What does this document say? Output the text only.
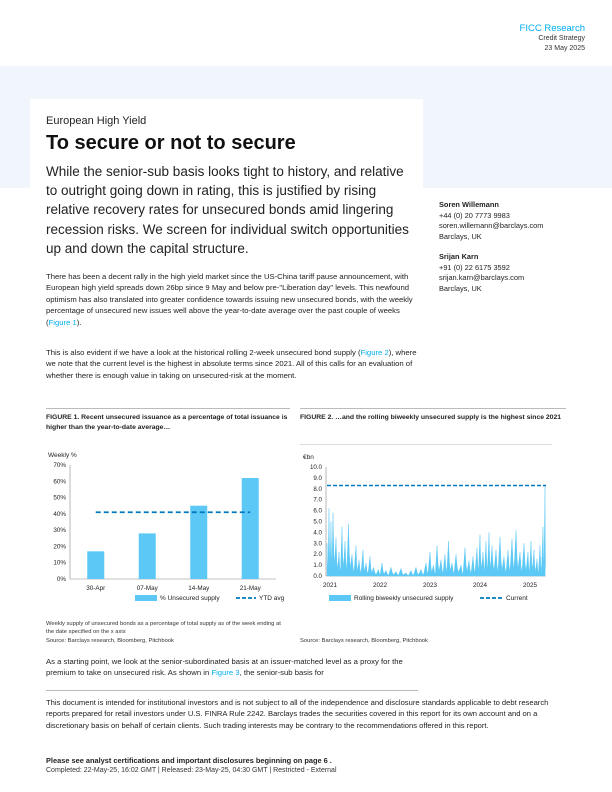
FICC Research
Credit Strategy
23 May 2025
European High Yield
To secure or not to secure
While the senior-sub basis looks tight to history, and relative to outright going down in rating, this is justified by rising relative recovery rates for unsecured bonds amid lingering recession risks. We screen for individual switch opportunities up and down the capital structure.
Soren Willemann
+44 (0) 20 7773 9983
soren.willemann@barclays.com
Barclays, UK
Srijan Karn
+91 (0) 22 6175 3592
srijan.karn@barclays.com
Barclays, UK
There has been a decent rally in the high yield market since the US-China tariff pause announcement, with European high yield spreads down 26bp since 9 May and below pre-"Liberation day" levels. This newfound optimism has also translated into greater confidence towards issuing new unsecured bonds, with the weekly percentage of unsecured new issues well above the year-to-date average over the past couple of weeks (Figure 1).
This is also evident if we have a look at the historical rolling 2-week unsecured bond supply (Figure 2), where we note that the current level is the highest in absolute terms since 2021. All of this calls for an evaluation of whether there is enough value in taking on unsecured-risk at the moment.
FIGURE 1. Recent unsecured issuance as a percentage of total issuance is higher than the year-to-date average…
FIGURE 2. …and the rolling biweekly unsecured supply is the highest since 2021
Weekly %
0%
10%
20%
30%
40%
50%
60%
70%
30-Apr	07-May	14-May	21-May
% Unsecured supply	YTD avg
€bn
0.0
1.0
2.0
3.0
4.0
5.0
6.0
7.0
8.0
9.0
10.0
2021	2022	2023	2024	2025
Rolling biweekly unsecured supply	Current
Weekly supply of unsecured bonds as a percentage of total supply as of the week ending at the date specified on the x axis
Source: Barclays research, Bloomberg, Pitchbook	Source: Barclays research, Bloomberg, Pitchbook
As a starting point, we look at the senior-subordinated basis at an issuer-matched level as a proxy for the premium to take on unsecured risk. As shown in Figure 3, the senior-sub basis for
This document is intended for institutional investors and is not subject to all of the independence and disclosure standards applicable to debt research reports prepared for retail investors under U.S. FINRA Rule 2242. Barclays trades the securities covered in this report for its own account and on a discretionary basis on behalf of certain clients. Such trading interests may be contrary to the recommendations offered in this report.
Please see analyst certifications and important disclosures beginning on page 6 .
Completed: 22-May-25, 16:02 GMT | Released: 23-May-25, 04:30 GMT | Restricted - External
